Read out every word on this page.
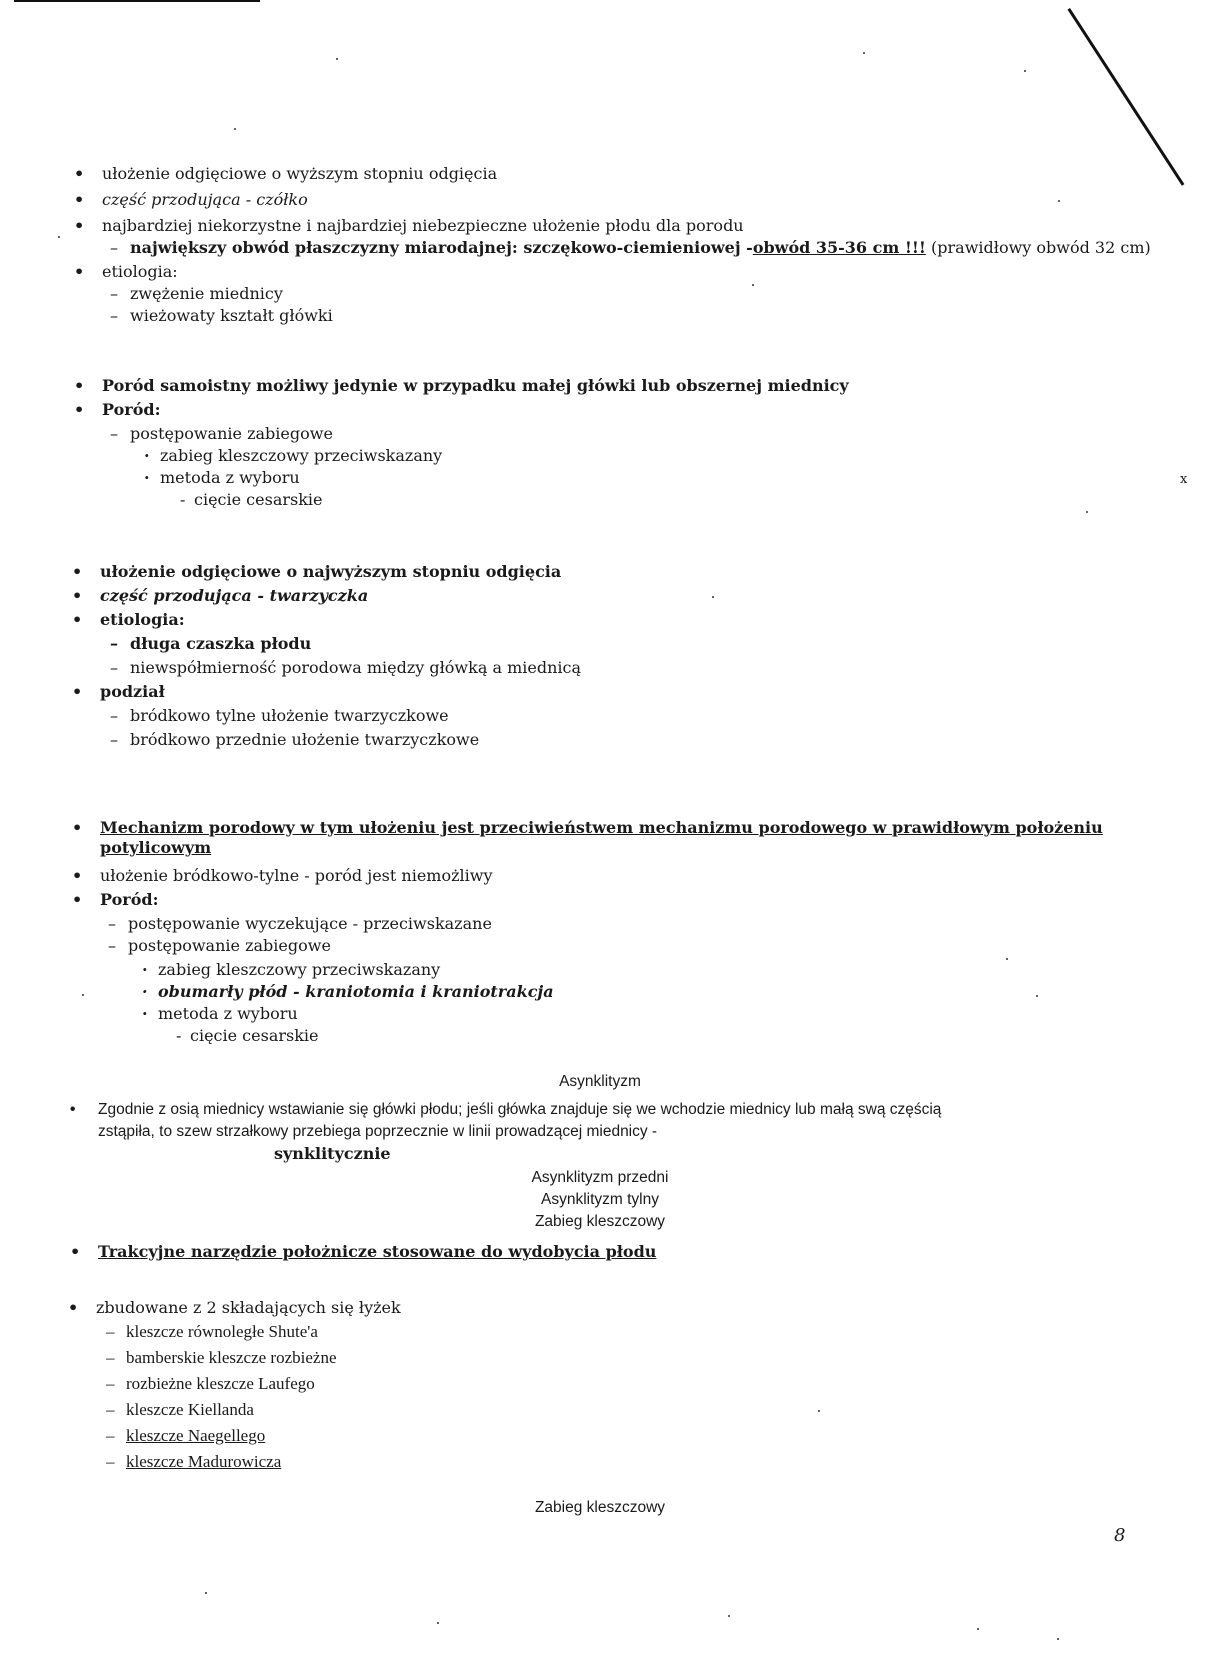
x
• ułożenie odgięciowe o wyższym stopniu odgięcia
• część przodująca - czółko
• najbardziej niekorzystne i najbardziej niebezpieczne ułożenie płodu dla porodu
– największy obwód płaszczyzny miarodajnej: szczękowo-ciemieniowej -obwód 35-36 cm !!! (prawidłowy obwód 32 cm)
• etiologia:
– zwężenie miednicy
– wieżowaty kształt główki
• Poród samoistny możliwy jedynie w przypadku małej główki lub obszernej miednicy
• Poród:
– postępowanie zabiegowe
· zabieg kleszczowy przeciwskazany
· metoda z wyboru
- cięcie cesarskie
• ułożenie odgięciowe o najwyższym stopniu odgięcia
• część przodująca - twarzyczka
• etiologia:
– długa czaszka płodu
– niewspółmierność porodowa między główką a miednicą
• podział
– bródkowo tylne ułożenie twarzyczkowe
– bródkowo przednie ułożenie twarzyczkowe
• Mechanizm porodowy w tym ułożeniu jest przeciwieństwem mechanizmu porodowego w prawidłowym położeniu
potylicowym
• ułożenie bródkowo-tylne - poród jest niemożliwy
• Poród:
– postępowanie wyczekujące - przeciwskazane
– postępowanie zabiegowe
· zabieg kleszczowy przeciwskazany
· obumarły płód - kraniotomia i kraniotrakcja
· metoda z wyboru
- cięcie cesarskie
Asynklityzm
• Zgodnie z osią miednicy wstawianie się główki płodu; jeśli główka znajduje się we wchodzie miednicy lub małą swą częścią
zstąpiła, to szew strzałkowy przebiega poprzecznie w linii prowadzącej miednicy -
synklitycznie
Asynklityzm przedni
Asynklityzm tylny
Zabieg kleszczowy
• Trakcyjne narzędzie położnicze stosowane do wydobycia płodu
• zbudowane z 2 składających się łyżek
– kleszcze równoległe Shute'a
– bamberskie kleszcze rozbieżne
– rozbieżne kleszcze Laufego
– kleszcze Kiellanda
– kleszcze Naegellego
– kleszcze Madurowicza
Zabieg kleszczowy
8
